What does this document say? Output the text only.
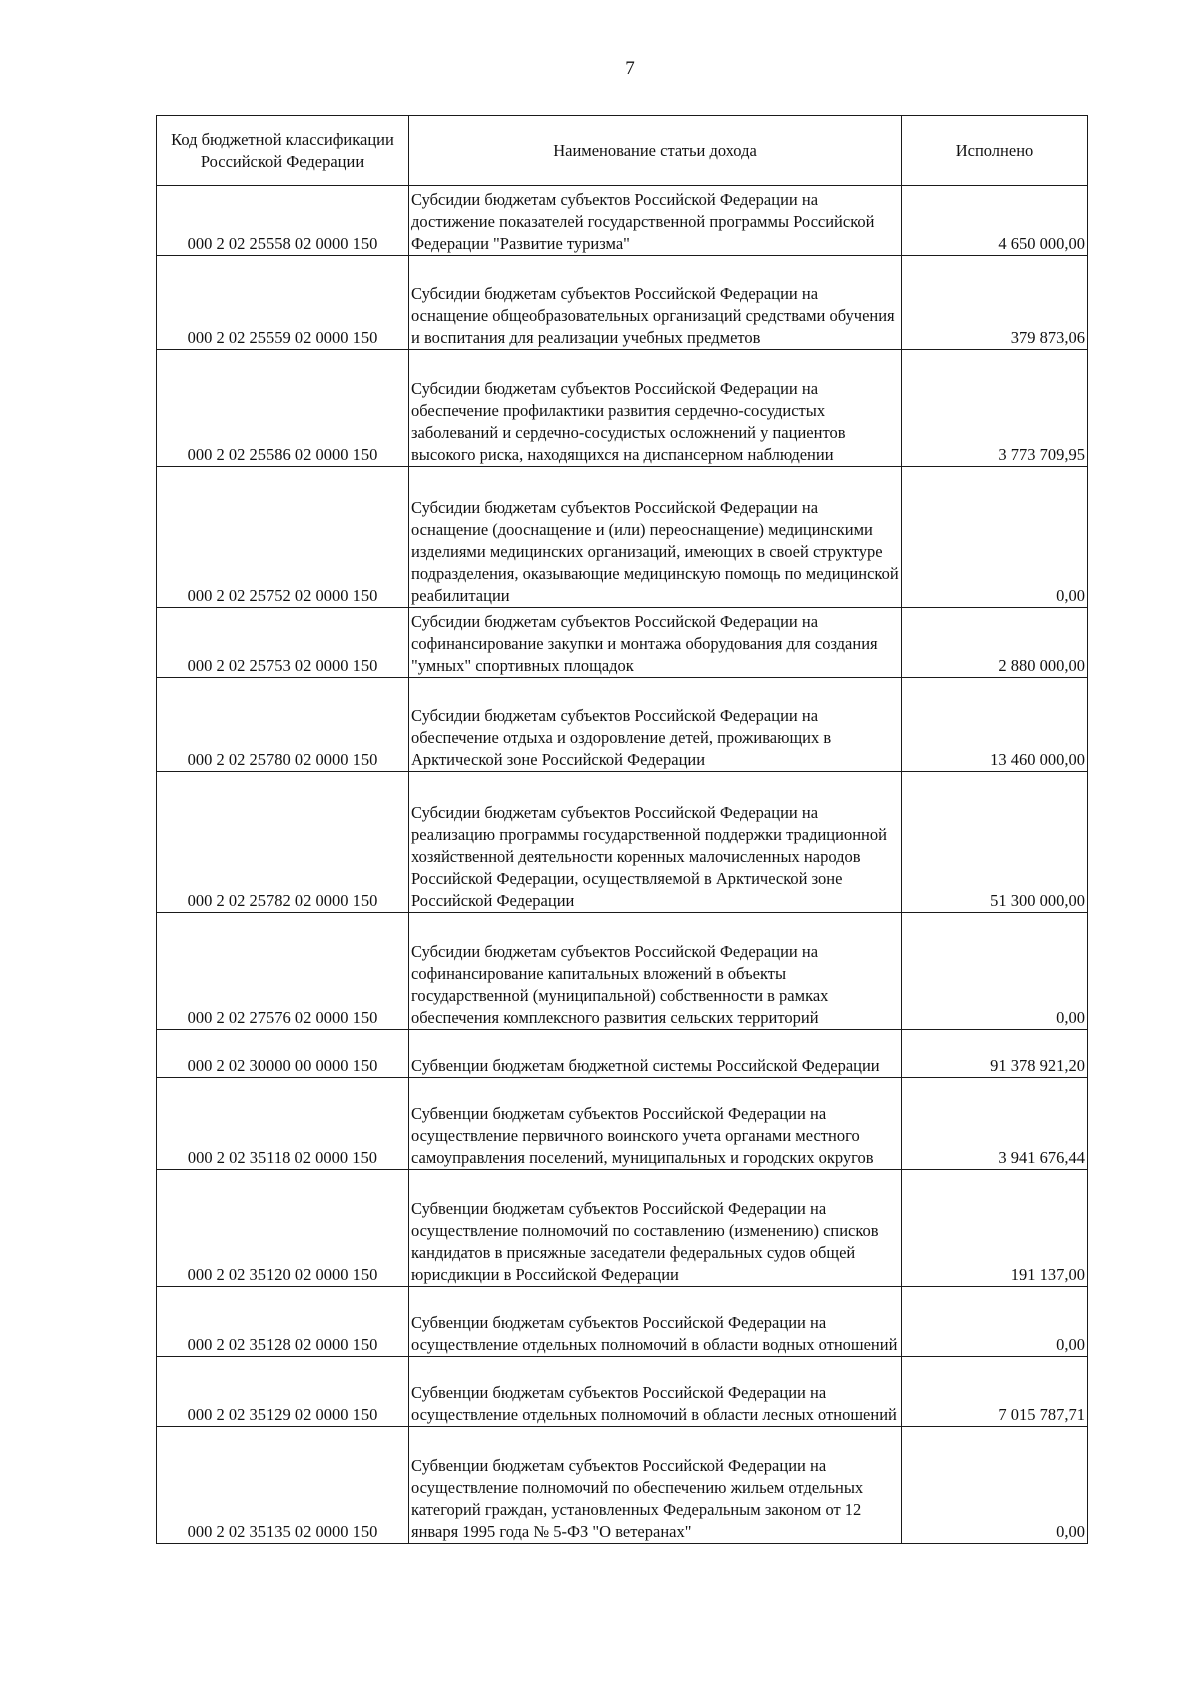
7
Код бюджетной классификации Российской Федерации	Наименование статьи дохода	Исполнено
000 2 02 25558 02 0000 150	Субсидии бюджетам субъектов Российской Федерации на достижение показателей государственной программы Российской Федерации "Развитие туризма"	4 650 000,00
000 2 02 25559 02 0000 150	Субсидии бюджетам субъектов Российской Федерации на оснащение общеобразовательных организаций средствами обучения и воспитания для реализации учебных предметов	379 873,06
000 2 02 25586 02 0000 150	Субсидии бюджетам субъектов Российской Федерации на обеспечение профилактики развития сердечно-сосудистых заболеваний и сердечно-сосудистых осложнений у пациентов высокого риска, находящихся на диспансерном наблюдении	3 773 709,95
000 2 02 25752 02 0000 150	Субсидии бюджетам субъектов Российской Федерации на оснащение (дооснащение и (или) переоснащение) медицинскими изделиями медицинских организаций, имеющих в своей структуре подразделения, оказывающие медицинскую помощь по медицинской реабилитации	0,00
000 2 02 25753 02 0000 150	Субсидии бюджетам субъектов Российской Федерации на софинансирование закупки и монтажа оборудования для создания "умных" спортивных площадок	2 880 000,00
000 2 02 25780 02 0000 150	Субсидии бюджетам субъектов Российской Федерации на обеспечение отдыха и оздоровление детей, проживающих в Арктической зоне Российской Федерации	13 460 000,00
000 2 02 25782 02 0000 150	Субсидии бюджетам субъектов Российской Федерации на реализацию программы государственной поддержки традиционной хозяйственной деятельности коренных малочисленных народов Российской Федерации, осуществляемой в Арктической зоне Российской Федерации	51 300 000,00
000 2 02 27576 02 0000 150	Субсидии бюджетам субъектов Российской Федерации на софинансирование капитальных вложений в объекты государственной (муниципальной) собственности в рамках обеспечения комплексного развития сельских территорий	0,00
000 2 02 30000 00 0000 150	Субвенции бюджетам бюджетной системы Российской Федерации	91 378 921,20
000 2 02 35118 02 0000 150	Субвенции бюджетам субъектов Российской Федерации на осуществление первичного воинского учета органами местного самоуправления поселений, муниципальных и городских округов	3 941 676,44
000 2 02 35120 02 0000 150	Субвенции бюджетам субъектов Российской Федерации на осуществление полномочий по составлению (изменению) списков кандидатов в присяжные заседатели федеральных судов общей юрисдикции в Российской Федерации	191 137,00
000 2 02 35128 02 0000 150	Субвенции бюджетам субъектов Российской Федерации на осуществление отдельных полномочий в области водных отношений	0,00
000 2 02 35129 02 0000 150	Субвенции бюджетам субъектов Российской Федерации на осуществление отдельных полномочий в области лесных отношений	7 015 787,71
000 2 02 35135 02 0000 150	Субвенции бюджетам субъектов Российской Федерации на осуществление полномочий по обеспечению жильем отдельных категорий граждан, установленных Федеральным законом от 12 января 1995 года № 5-ФЗ "О ветеранах"	0,00
